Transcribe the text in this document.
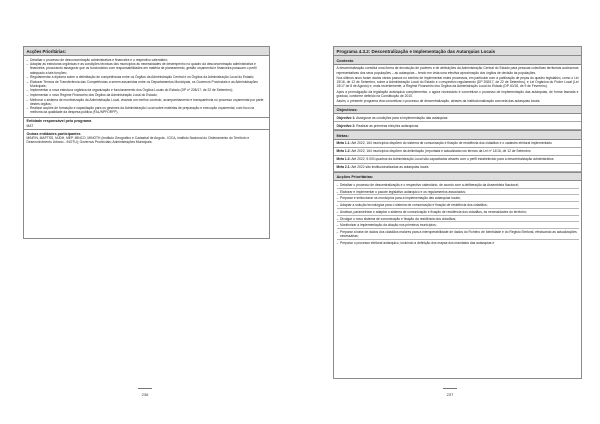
Acções Prioritárias:
– Detalhar o processo de desconcentração administrativa e financeira e o respectivo calendário;
– Adaptar as estruturas orgânicas e as condições técnicas dos municípios às necessidades de desempenho no quadro da desconcentração administrativa e financeira, procurando assegurar que os funcionários com responsabilidades em matéria de planeamento, gestão orçamental e financeira possuam o perfil adequado a tais funções;
– Regulamentar a diploma sobre a delimitação de competências entre os Órgãos da Administração Central e os Órgãos da Administração Local do Estado;
– Elaborar Termos de Transferência das Competências a serem assumidas entre os Departamentos Municipais, os Governos Provinciais e as Administrações Municipais;
– Implementar a nova estrutura orgânica da organização e funcionamento dos Órgãos Locais do Estado (DP nº 208/17, de 22 de Setembro);
– Implementar o novo Regime Financeiro dos Órgãos da Administração Local do Estado;
– Melhorar o sistema de monitorização da Administração Local, visando um melhor controlo, acompanhamento e transparência no processo orçamental por parte destes órgãos;
– Realizar acções de formação e capacitação para os gestores da Administração Local sobre matérias de preparação e execução orçamental, com foco na melhoria da qualidade da despesa pública (FAL/NPFORFP).
Entidade responsável pelo programa
MAT
Outras entidades participantes
MINFIN, MAPTSS, MJDH, MEP, MINCO, MINOTH (Instituto Geográfico e Cadastral de Angola - IGCA, Instituto Nacional do Ordenamento do Território e Desenvolvimento Urbano - INOTU); Governos Provinciais; Administrações Municipais.
236
Programa 4.3.2: Descentralização e Implementação das Autarquias Locais
Contexto

A descentralização constitui uma forma de devolução de poderes e de atribuições da Administração Central do Estado para pessoas colectivas territoriais autónomas representativas dos seus populações – as autarquias – tendo em vista uma efectiva aproximação dos órgãos de decisão às populações.

Nos últimos anos foram dados vários passos no sentido de implementar estes processos, em particular com a publicação de peças do quadro legislativo, como o Lei 15/16, de 12 de Setembro, sobre a Administração Local do Estado e o respectivo regulamento (DP 208/17, de 22 de Setembro), e Lei Orgânica do Poder Local (Lei 15/17 de 8 de Agosto) e, mais recentemente, a Regime Financeiro dos Órgãos da Administração Local do Estado (DP 40/18, de 9 de Fevereiro).

Após a promulgação da legislação autárquica complementar, o agora necessário é concretizar o processo de implementação das autarquias, de forma faseada e gradual, conforme definido na Constituição de 2010.

Assim, o presente programa visa concretizar o processo de descentralização, através da institucionalização concreta das autarquias locais.

Objectivos:
Objectivo 1: Assegurar as condições para a implementação das autarquias
Objectivo 2: Realizar as primeiras eleições autárquicas
Metas:
Meta 1.1: Até 2022, 164 municípios dispõem do sistema de comunicação e fixação de residência dos cidadãos e o cadastro eleitoral implementado
Meta 1.2: Até 2022, 164 municípios dispõem da delimitação (reportada e actualizada nos termos da Lei nº 14/16, de 12 de Setembro
Meta 1.3: Até 2022, 5.000 quadros da Administração Local são capacitados através com o perfil estabelecido para a descentralização administrativa
Meta 2.1: Até 2022 são institucionalizadas as autarquias locais
Acções Prioritárias:
– Detalhar o processo de descentralização e o respectivo calendário, de acordo com a deliberação da Assembleia Nacional;
– Elaborar e implementar o pacote legislativo autárquico e os regulamentos associados;
– Preparar e seleccionar os municípios para a implementação das autarquias locais;
– Adaptar a solução tecnológica para o sistema de comunicação e fixação de residência dos cidadãos;
– Analisar, parametrizar e adaptar o sistema de comunicação e fixação de residência dos cidadãos, às necessidades do território;
– Divulgar o novo sistema de comunicação e fixação da residência dos cidadãos;
– Monitorizar a implementação da citação nos primeiros municípios;
– Preparar a base de dados dos cidadãos maiores para a interoperabilidade de dados do Ficheiro de Identidade e do Registo Eleitoral, efectuando as actualizações necessárias;
– Preparar o processo eleitoral autárquico, incluindo a definição dos mapas dos mandatos das autarquias e
237
